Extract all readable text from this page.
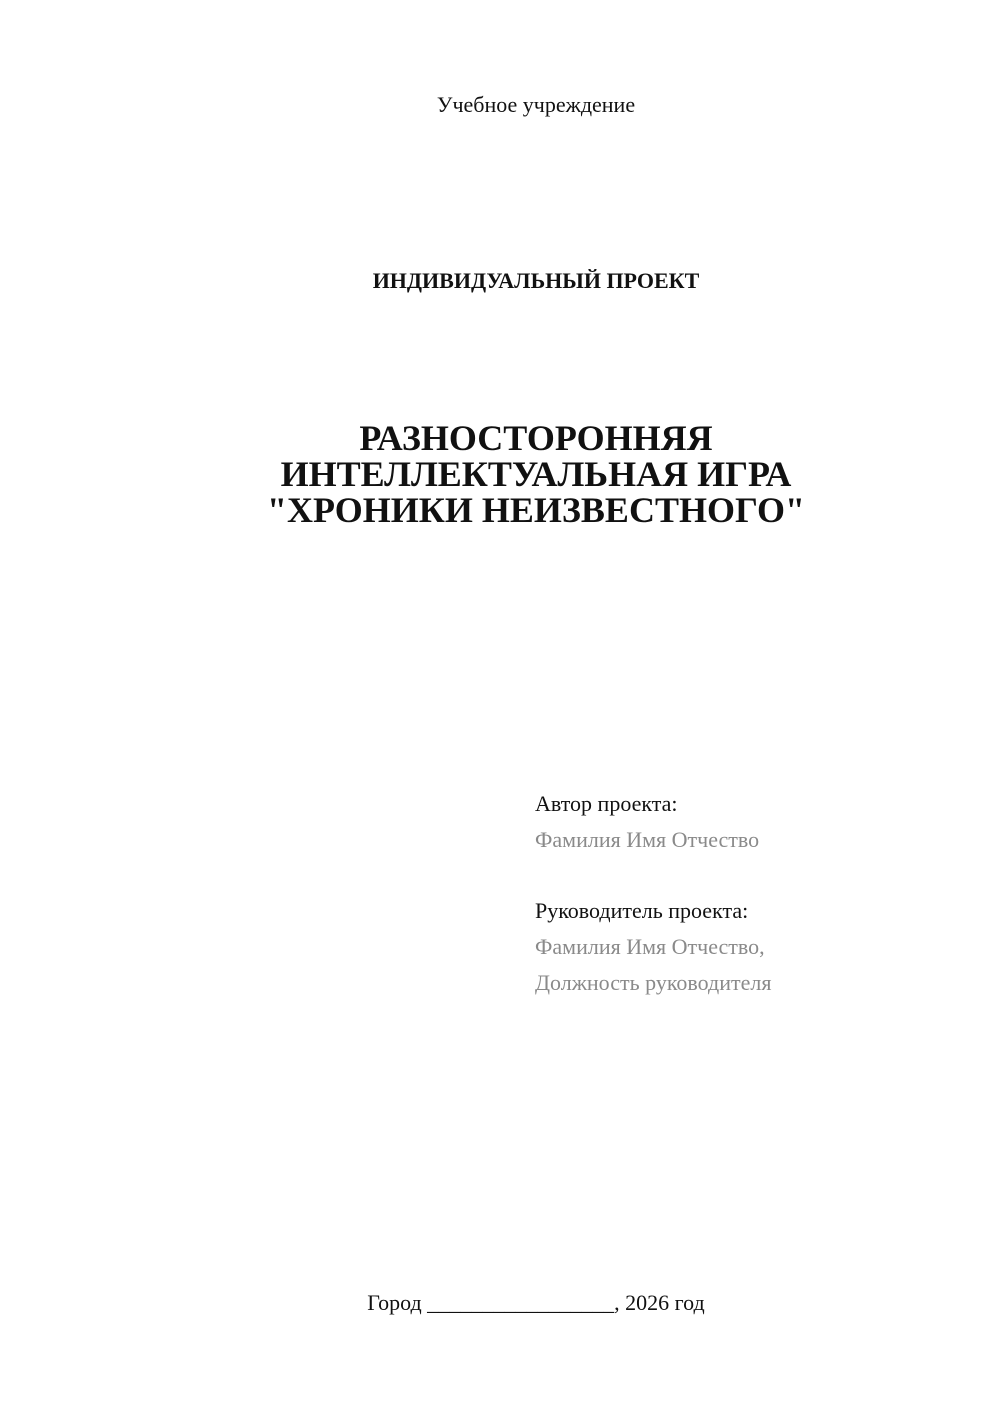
Учебное учреждение
ИНДИВИДУАЛЬНЫЙ ПРОЕКТ
РАЗНОСТОРОННЯЯ
ИНТЕЛЛЕКТУАЛЬНАЯ ИГРА
"ХРОНИКИ НЕИЗВЕСТНОГО"
Автор проекта:
Фамилия Имя Отчество
Руководитель проекта:
Фамилия Имя Отчество,
Должность руководителя
Город _________________, 2026 год
